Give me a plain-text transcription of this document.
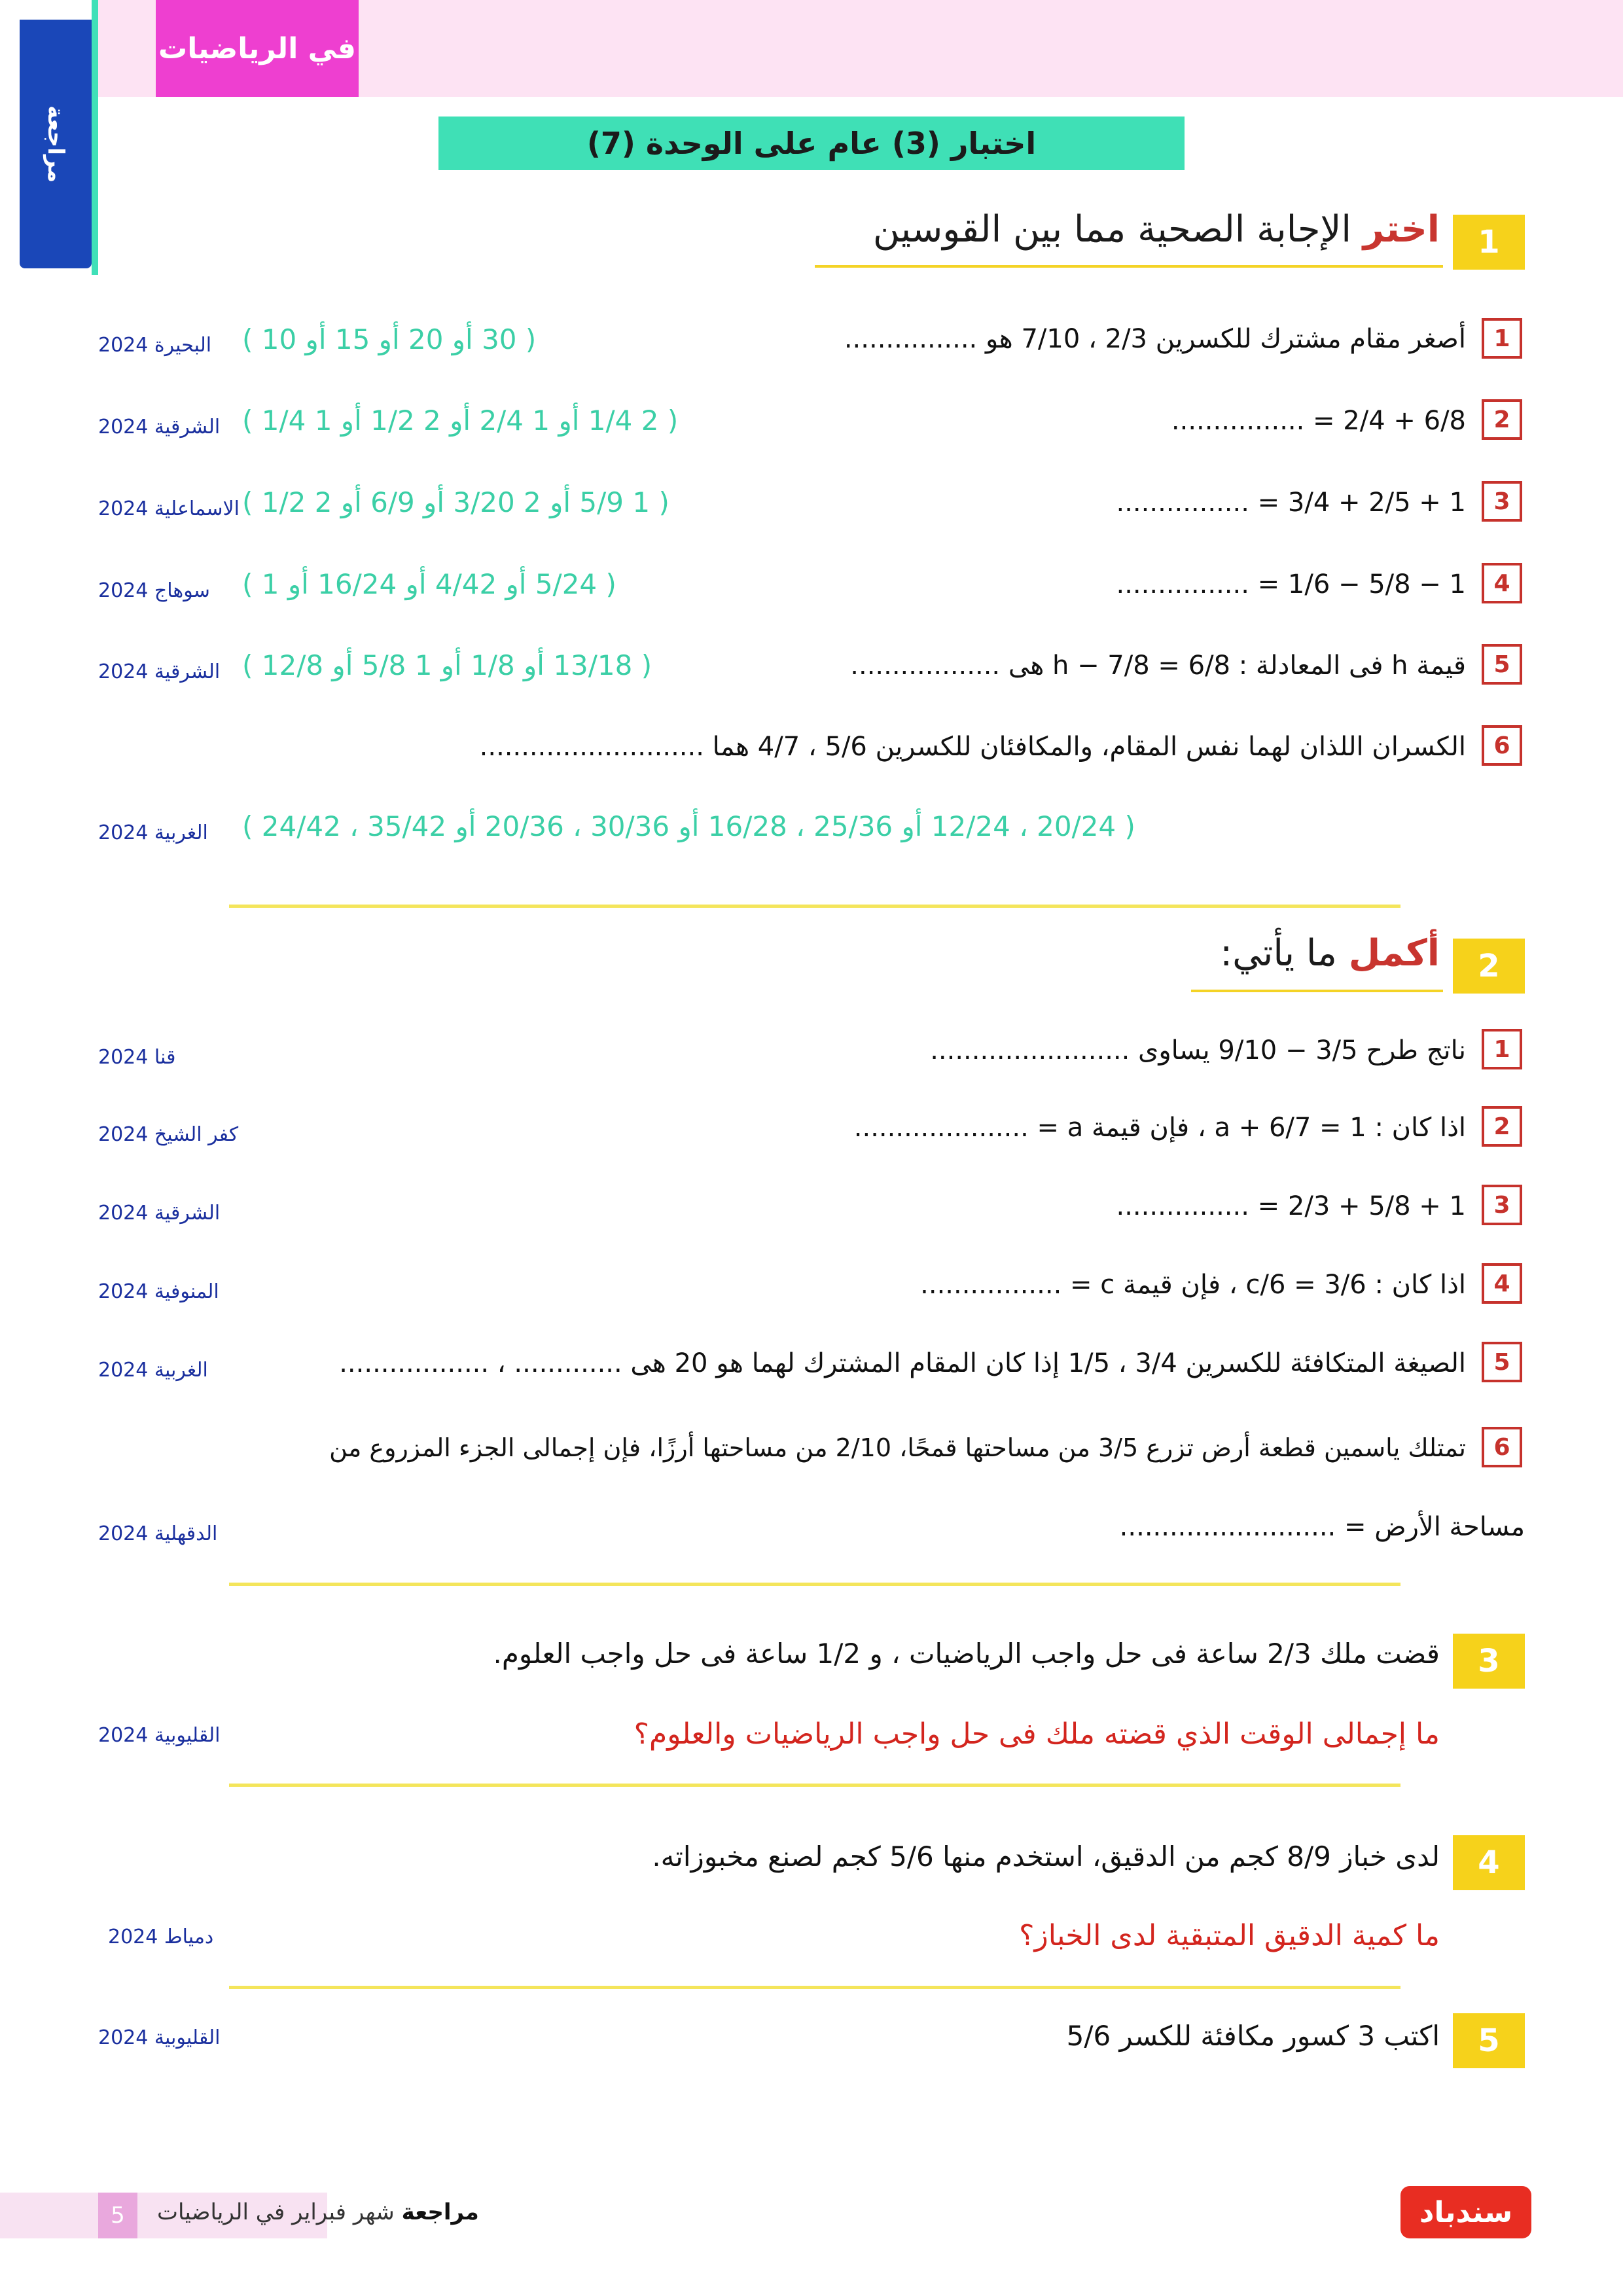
في الرياضيات
مراجعة	اختبار (3) عام على الوحدة (7)
1
اختر الإجابة الصحية مما بين القوسين
1
أصغر مقام مشترك للكسرين 2/3 ، 7/10 هو ................
( 30 أو 20 أو 15 أو 10 )
البحيرة 2024
2
6/8 + 2/4 = ................
( 2 1/4 أو 1 2/4 أو 2 1/2 أو 1 1/4 )
الشرقية 2024
3
1 + 2/5 + 3/4 = ................
( 1 5/9 أو 2 3/20 أو 6/9 أو 2 1/2 )
الاسماعلية 2024
4
1 − 5/8 − 1/6 = ................
( 5/24 أو 4/42 أو 16/24 أو 1 )
سوهاج 2024
5
قيمة h فى المعادلة : h − 7/8 = 6/8 هى ..................
( 13/18 أو 1/8 أو 1 5/8 أو 12/8 )
الشرقية 2024
6
الكسران اللذان لهما نفس المقام، والمكافئان للكسرين 5/6 ، 4/7 هما ...........................
( 20/24 ، 12/24 أو 25/36 ، 16/28 أو 30/36 ، 20/36 أو 35/42 ، 24/42 )
الغربية 2024
2
أكمل ما يأتي:
1
ناتج طرح 3/5 − 9/10 يساوى ........................
قنا 2024
2
اذا كان : 1 = a + 6/7 ، فإن قيمة a = .....................
كفر الشيخ 2024
3
1 + 5/8 + 2/3 = ................
الشرقية 2024
4
اذا كان : 3/6 = 6/c ، فإن قيمة c = .................
المنوفية 2024
5
الصيغة المتكافئة للكسرين 3/4 ، 1/5 إذا كان المقام المشترك لهما هو 20 هى ............. ، ..................
الغربية 2024
6
تمتلك ياسمين قطعة أرض تزرع 3/5 من مساحتها قمحًا، 2/10 من مساحتها أرزًا، فإن إجمالى الجزء المزروع من
مساحة الأرض = ..........................
الدقهلية 2024
3
قضت ملك 2/3 ساعة فى حل واجب الرياضيات ، و 1/2 ساعة فى حل واجب العلوم.
ما إجمالى الوقت الذي قضته ملك فى حل واجب الرياضيات والعلوم؟
القليوبية 2024
4
لدى خباز 8/9 كجم من الدقيق، استخدم منها 5/6 كجم لصنع مخبوزاته.
ما كمية الدقيق المتبقية لدى الخباز؟
دمياط 2024
5
اكتب 3 كسور مكافئة للكسر 5/6
القليوبية 2024
5	مراجعة شهر فبراير في الرياضيات	سندباد
